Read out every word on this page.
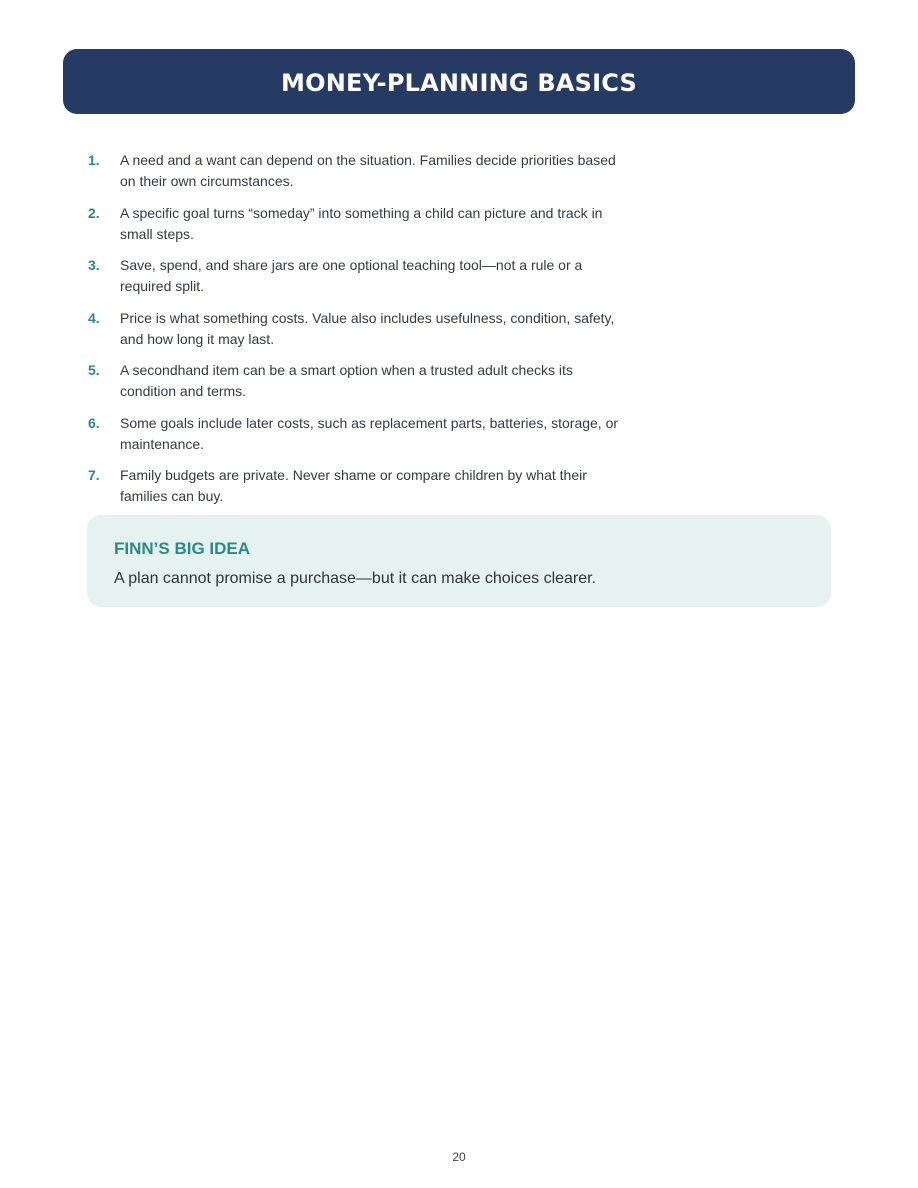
MONEY-PLANNING BASICS
1. A need and a want can depend on the situation. Families decide priorities based on their own circumstances.
2. A specific goal turns “someday” into something a child can picture and track in small steps.
3. Save, spend, and share jars are one optional teaching tool—not a rule or a required split.
4. Price is what something costs. Value also includes usefulness, condition, safety, and how long it may last.
5. A secondhand item can be a smart option when a trusted adult checks its condition and terms.
6. Some goals include later costs, such as replacement parts, batteries, storage, or maintenance.
7. Family budgets are private. Never shame or compare children by what their families can buy.
FINN’S BIG IDEA
A plan cannot promise a purchase—but it can make choices clearer.
20
